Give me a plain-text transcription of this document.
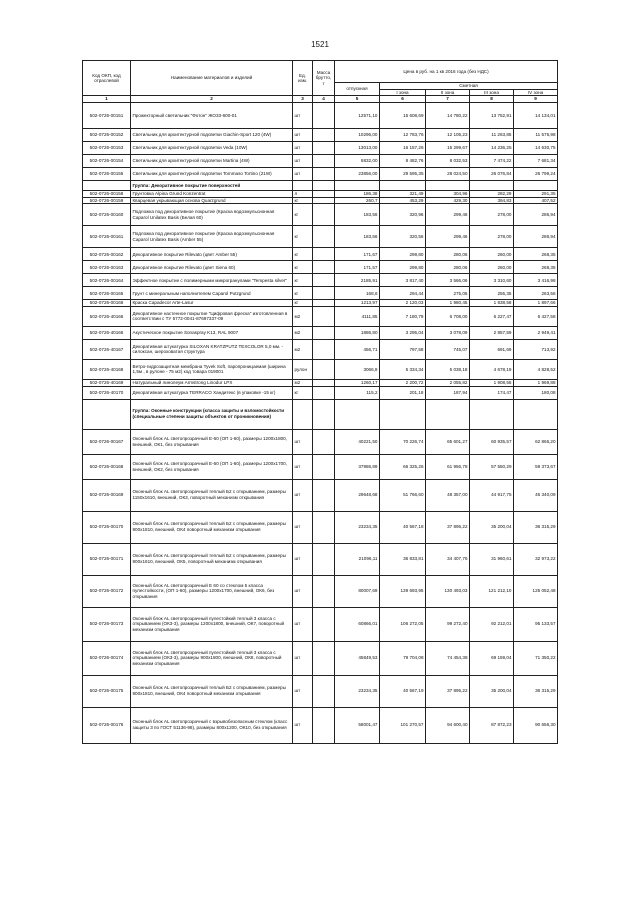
1521
Код ОКП, код отраслевой	Наименование материалов и изделий	Ед. изм.	Масса брутто, т	Цена в руб. на 1 кв 2016 года (без НДС)				
				отпускная	Сметная			
					I зона	II зона	III зона	IV зона
1	2	3	4	5	6	7	8	9
502-0726-00151	Прожекторный светильник "Фотон" ЖО33-600-01	шт		12571,10	15 608,69	14 780,22	13 752,91	14 134,01
502-0726-00152	Светильник для архитектурной подсветки Giachin-Sport 120 (4W)	шт		10296,00	12 783,76	12 105,23	11 263,85	11 575,98
502-0726-00153	Светильник для архитектурной подсветки Veda (10W)	шт		13013,00	16 157,26	15 299,67	14 236,25	14 630,75
502-0726-00154	Светильник для архитектурной подсветки Martina (4W)	шт		6832,00	8 482,76	8 032,53	7 474,22	7 681,34
502-0726-00155	Светильник для архитектурной подсветки Tommaso Tortino (21W)	шт		23856,00	29 595,35	28 024,50	26 076,84	26 799,24
	Группа: Декоративное покрытие поверхностей							
502-0726-00158	Грунтовка Alpina Grund Konzentrat	л		186,38	321,49	304,96	282,29	291,35
502-0726-00159	Кварцевая укрывающая основа Quarzgrund	кг		260,7	453,29	429,30	394,83	407,52
502-0726-00160	Подложка под декоративное покрытие (Краска водоэмульсионная Caparol Unilatex Basis (Белая 60)	кг		183,56	320,96	299,46	278,00	286,94
502-0726-00161	Подложка под декоративное покрытие (Краска водоэмульсионная Caparol Unilatex Basis (Amber 55)	кг		183,56	320,56	299,46	278,00	286,94
502-0726-00162	Декоративное покрытие Rilevato (цвет Amber 55)	кг		171,67	299,80	280,06	260,00	268,35
502-0726-00163	Декоративное покрытие Rilevato (цвет Siena 60)	кг		171,57	299,80	280,06	260,00	268,35
502-0726-00164	Эффектное покрытие с полимерными микрогранулами "Tempesta silver"	кг		2185,91	3 817,40	3 566,06	3 310,60	3 416,98
502-0726-00165	Грунт с минеральным наполнителем Caparol Putzgrund	кг		168,6	294,44	275,05	255,35	263,56
502-0726-00166	Краска Capadecor Arte-Lasur	кг		1213,97	2 120,03	1 980,45	1 838,58	1 897,66
502-0726-40166	Декоративное настенное покрытие "Цифровая фреска" изготовленная в соответствии с ТУ 5772-0041-87697337-09	м2		4111,85	7 180,79	6 708,00	6 227,47	6 427,58
502-0726-40166	Акустическое покрытие Sonaspray K13, RAL 9007	м2		1886,80	3 295,04	3 078,09	2 857,59	2 949,41
502-0726-40167	Декоративная штукатурка SILOXAN KRATZPUTZ TEXCOLOR 5,0 мм. - силоксан, шероховатая структура	м2		456,71	797,58	745,07	691,69	713,92
502-0726-40168	Ветро-гидрозащитная мембрана Tyvek Soft, паропроницаемая (ширина 1,5м , в рулоне - 75 м2) код товара 019001	рулон		3066,9	5 334,34	5 038,18	4 678,19	4 828,52
502-0726-40169	Натуральный линолеум Armstrong Linodur LPX	м2		1260,17	2 200,72	2 055,82	1 908,55	1 969,88
502-0726-40170	Декоративная штукатурка TERRACO Хандитекс (в упаковке -15 кг)	кг		115,2	201,18	187,94	174,47	180,08
	Группа: Оконные конструкции (класса защиты и взломостойкости (специальные степени защиты объектов от проникновения)							
502-0726-00167	Оконный блок AL светопрозрачный Е-60 (ОП 1-60), размеры 1200х1800, внешний, ОК1, без открывания	шт		40221,50	70 226,74	65 601,27	60 935,57	62 866,20
502-0726-00168	Оконный блок AL светопрозрачный Е-60 (ОП 1-60), размеры 1200х1700, внешний, ОК2, без открывания	шт		37986,89	66 325,26	61 956,78	57 550,29	59 373,67
502-0726-00169	Оконный блок AL светопрозрачный теплый Б2 с открыванием, размеры 1150х1610, внешний, ОК3, поворотный механизм открывания	шт		29648,68	51 766,60	48 357,00	44 917,75	46 340,09
502-0726-00170	Оконный блок AL светопрозрачный теплый Б2 с открыванием, размеры 900х1810, внешний, ОК4 поворотный механизм открывания	шт		23234,35	40 567,18	37 895,22	35 200,04	36 315,29
502-0726-00171	Оконный блок AL светопрозрачный теплый Б2 с открыванием, размеры 900х1610, внешний, ОК5, поворотный механизм открывания	шт		21096,11	36 833,81	34 407,76	31 960,61	32 973,22
502-0726-00172	Оконный блок AL светопрозрачный Е 60 со стеклом 5 класса пулестойкости, (ОП 1-60), размеры 1200х1700, внешний, ОК6, без открывания	шт		80007,69	139 693,95	130 493,03	121 212,10	125 052,48
502-0726-00173	Оконный блок AL светопрозрачный пулестойкий теплый 3 класса с открыванием (ОК3-3), размеры 1200х1800, внешний, ОК7, поворотный механизм открывания	шт		60866,01	106 272,05	99 272,40	92 212,01	95 133,57
502-0726-00174	Оконный блок AL светопрозрачный пулестойкий теплый 3 класса с открыванием (ОК3-3), размеры 900х1800, внешний, ОК8, поворотный механизм открывания	шт		45849,53	79 704,08	74 454,38	69 159,04	71 350,22
502-0726-00175	Оконный блок AL светопрозрачный теплый Б2 с открыванием, размеры 900х1810, внешний, ОК4 поворотный механизм открывания	шт		23234,35	40 567,19	37 895,22	35 200,04	36 315,29
502-0726-00176	Оконный блок AL светопрозрачный с взрывобезопасным стеклом (класс защиты 3 по ГОСТ 51136-98), размеры 800х1200, ОК10, без открывания	шт		58001,47	101 270,57	94 600,40	87 872,23	90 656,30
